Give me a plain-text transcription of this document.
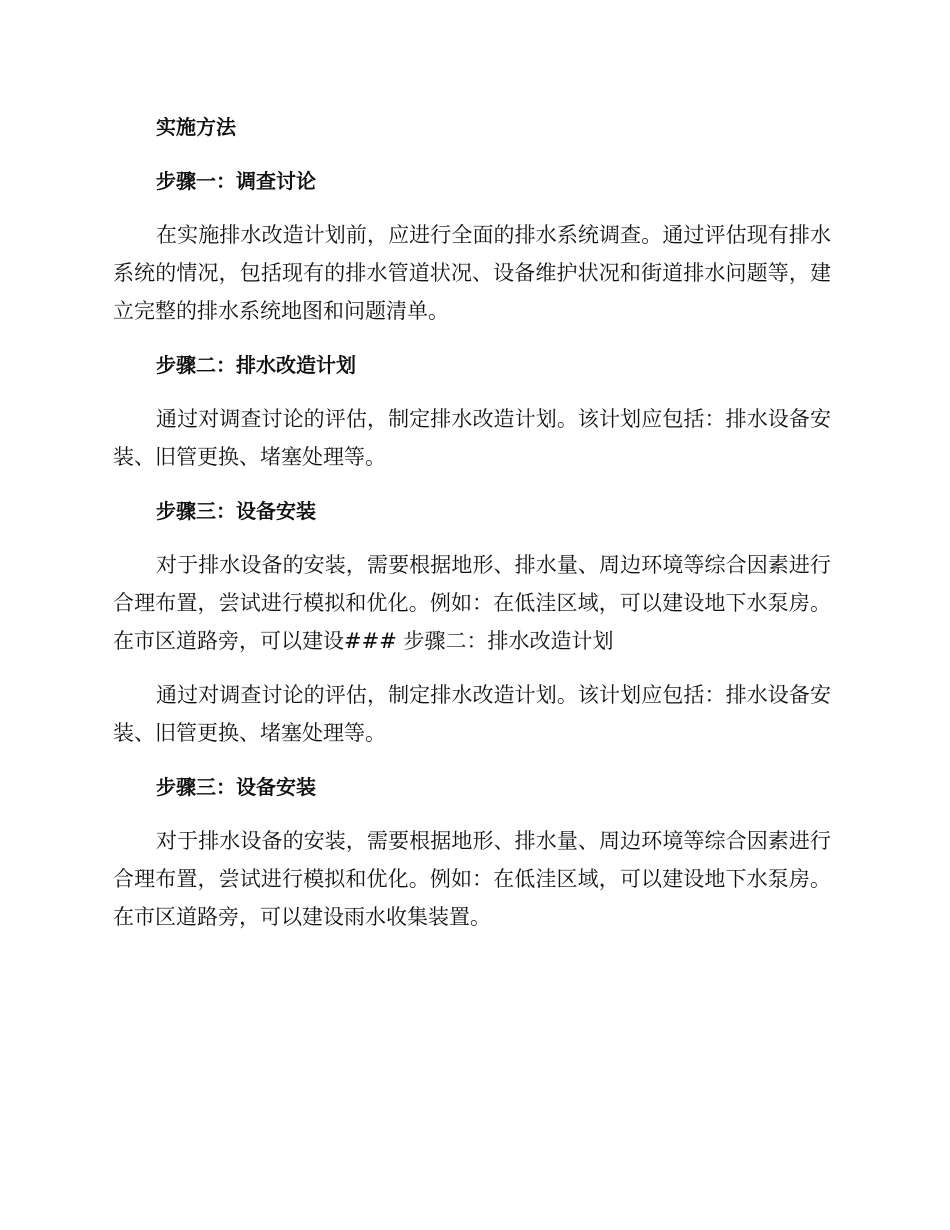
实施方法
步骤一：调查讨论

在实施排水改造计划前，应进行全面的排水系统调查。通过评估现有排水系统的情况，包括现有的排水管道状况、设备维护状况和街道排水问题等，建立完整的排水系统地图和问题清单。

步骤二：排水改造计划

通过对调查讨论的评估，制定排水改造计划。该计划应包括：排水设备安装、旧管更换、堵塞处理等。

步骤三：设备安装

对于排水设备的安装，需要根据地形、排水量、周边环境等综合因素进行合理布置，尝试进行模拟和优化。例如：在低洼区域，可以建设地下水泵房。在市区道路旁，可以建设### 步骤二：排水改造计划

通过对调查讨论的评估，制定排水改造计划。该计划应包括：排水设备安装、旧管更换、堵塞处理等。

步骤三：设备安装

对于排水设备的安装，需要根据地形、排水量、周边环境等综合因素进行合理布置，尝试进行模拟和优化。例如：在低洼区域，可以建设地下水泵房。在市区道路旁，可以建设雨水收集装置。
